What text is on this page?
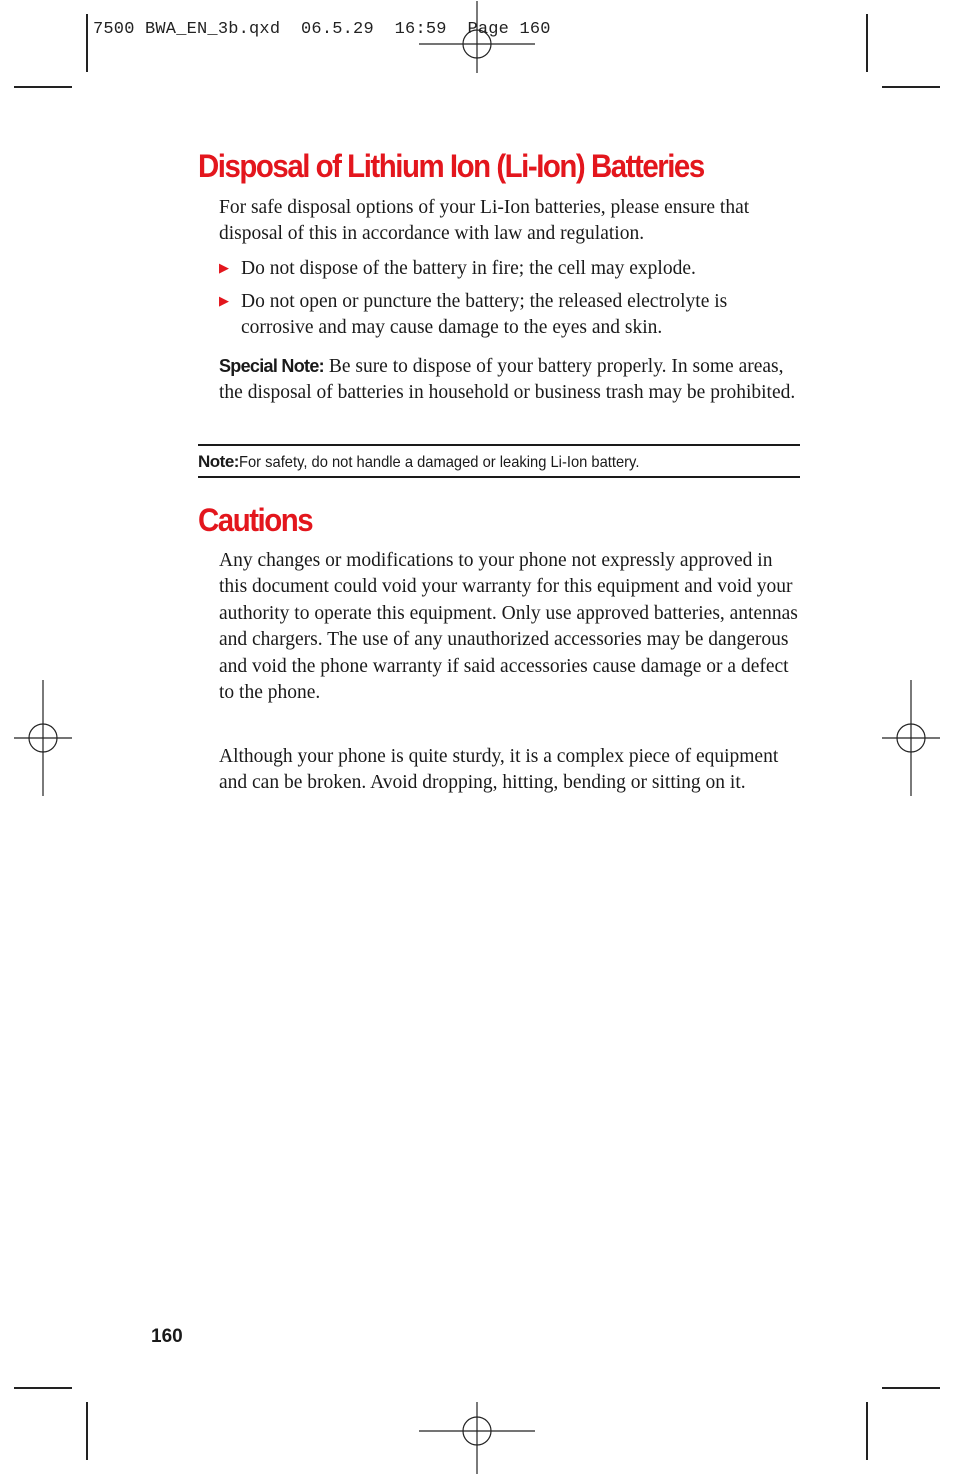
7500 BWA_EN_3b.qxd  06.5.29  16:59  Page 160
Disposal of Lithium Ion (Li-Ion) Batteries

For safe disposal options of your Li-Ion batteries, please ensure that disposal of this in accordance with law and regulation.

▶ Do not dispose of the battery in fire; the cell may explode.
▶ Do not open or puncture the battery; the released electrolyte is corrosive and may cause damage to the eyes and skin.

Special Note: Be sure to dispose of your battery properly. In some areas, the disposal of batteries in household or business trash may be prohibited.

Note:For safety, do not handle a damaged or leaking Li-Ion battery.
Cautions

Any changes or modifications to your phone not expressly approved in this document could void your warranty for this equipment and void your authority to operate this equipment. Only use approved batteries, antennas and chargers. The use of any unauthorized accessories may be dangerous and void the phone warranty if said accessories cause damage or a defect to the phone.

Although your phone is quite sturdy, it is a complex piece of equipment and can be broken. Avoid dropping, hitting, bending or sitting on it.

160
